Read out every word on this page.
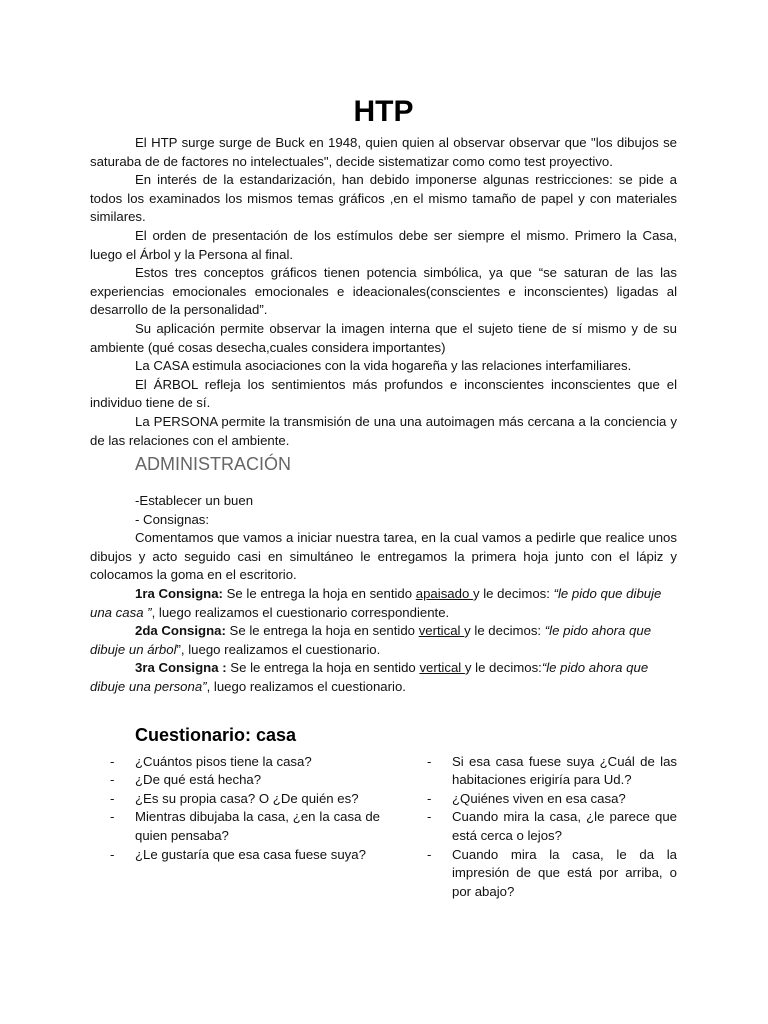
HTP

El HTP surge surge de Buck en 1948, quien quien al observar observar que "los dibujos se saturaba de de factores no intelectuales", decide sistematizar como como test proyectivo.

En interés de la estandarización, han debido imponerse algunas restricciones: se pide a todos los examinados los mismos temas gráficos ,en el mismo tamaño de papel y con materiales similares.

El orden de presentación de los estímulos debe ser siempre el mismo. Primero la Casa, luego el Árbol y la Persona al final.

Estos tres conceptos gráficos tienen potencia simbólica, ya que “se saturan de las las experiencias emocionales emocionales e ideacionales(conscientes e inconscientes) ligadas al desarrollo de la personalidad”.

Su aplicación permite observar la imagen interna que el sujeto tiene de sí mismo y de su ambiente (qué cosas desecha,cuales considera importantes)

La CASA estimula asociaciones con la vida hogareña y las relaciones interfamiliares.

El ÁRBOL refleja los sentimientos más profundos e inconscientes inconscientes que el individuo tiene de sí.

La PERSONA permite la transmisión de una una autoimagen más cercana a la conciencia y de las relaciones con el ambiente.

ADMINISTRACIÓN

-Establecer un buen

- Consignas:

Comentamos que vamos a iniciar nuestra tarea, en la cual vamos a pedirle que realice unos dibujos y acto seguido casi en simultáneo le entregamos la primera hoja junto con el lápiz y colocamos la goma en el escritorio.

1ra Consigna: Se le entrega la hoja en sentido apaisado y le decimos: “le pido que dibuje una casa ”, luego realizamos el cuestionario correspondiente.

2da Consigna: Se le entrega la hoja en sentido vertical y le decimos: “le pido ahora que dibuje un árbol”, luego realizamos el cuestionario.

3ra Consigna : Se le entrega la hoja en sentido vertical y le decimos:“le pido ahora que dibuje una persona”, luego realizamos el cuestionario.

Cuestionario: casa
- ¿Cuántos pisos tiene la casa?
- ¿De qué está hecha?
- ¿Es su propia casa? O ¿De quién es?
- Mientras dibujaba la casa, ¿en la casa de quien pensaba?
- ¿Le gustaría que esa casa fuese suya?
- Si esa casa fuese suya ¿Cuál de las habitaciones erigiría para Ud.?
- ¿Quiénes viven en esa casa?
- Cuando mira la casa, ¿le parece que está cerca o lejos?
- Cuando mira la casa, le da la impresión de que está por arriba, o por abajo?
